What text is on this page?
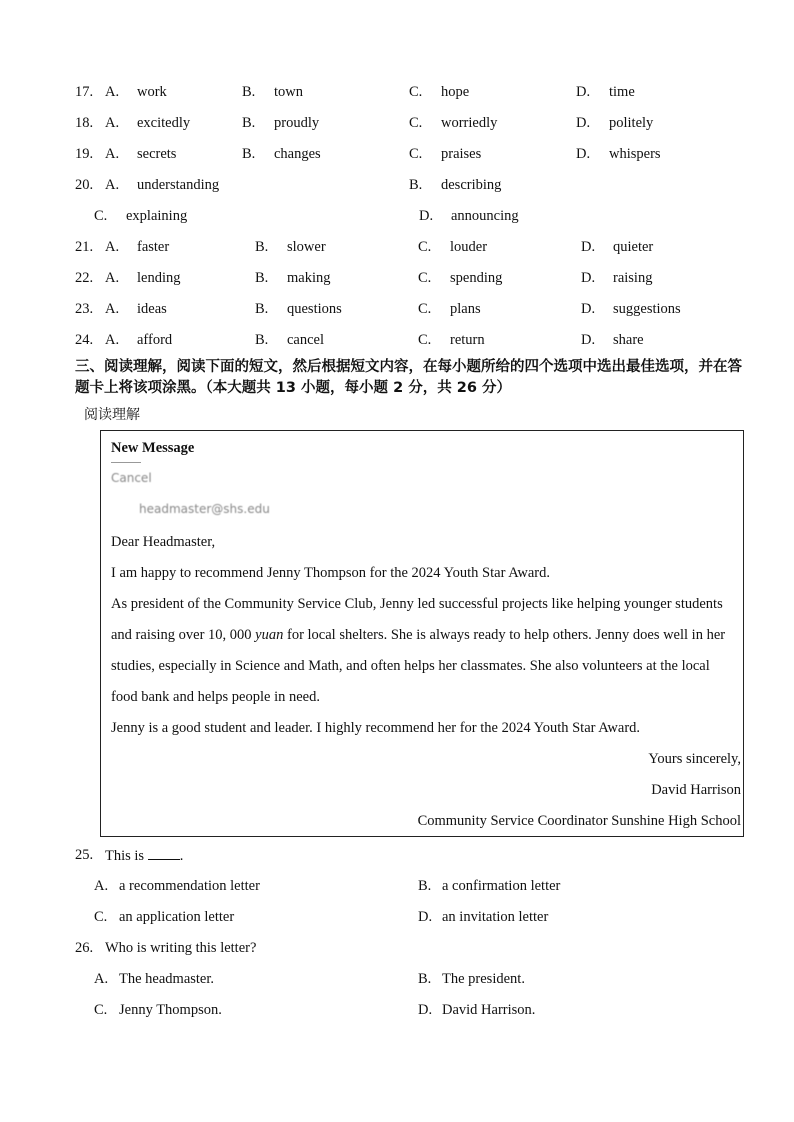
17. A. work	B. town	C. hope	D. time
18. A. excitedly	B. proudly	C. worriedly	D. politely
19. A. secrets	B. changes	C. praises	D. whispers
20. A. understanding	B. describing
C. explaining	D. announcing
21. A. faster	B. slower	C. louder	D. quieter
22. A. lending	B. making	C. spending	D. raising
23. A. ideas	B. questions	C. plans	D. suggestions
24. A. afford	B. cancel	C. return	D. share
三、阅读理解，阅读下面的短文，然后根据短文内容，在每小题所给的四个选项中选出最佳选项，并在答题卡上将该项涂黑。（本大题共 13 小题，每小题 2 分，共 26 分）
阅读理解
New Message
Cancel
headmaster@shs.edu
Dear Headmaster,
I am happy to recommend Jenny Thompson for the 2024 Youth Star Award.
As president of the Community Service Club, Jenny led successful projects like helping younger students
and raising over 10, 000 yuan for local shelters. She is always ready to help others. Jenny does well in her
studies, especially in Science and Math, and often helps her classmates. She also volunteers at the local
food bank and helps people in need.
Jenny is a good student and leader. I highly recommend her for the 2024 Youth Star Award.
Yours sincerely,
David Harrison
Community Service Coordinator Sunshine High School
25. This is .
A. a recommendation letter	B. a confirmation letter
C. an application letter	D. an invitation letter
26. Who is writing this letter?
A. The headmaster.	B. The president.
C. Jenny Thompson.	D. David Harrison.
